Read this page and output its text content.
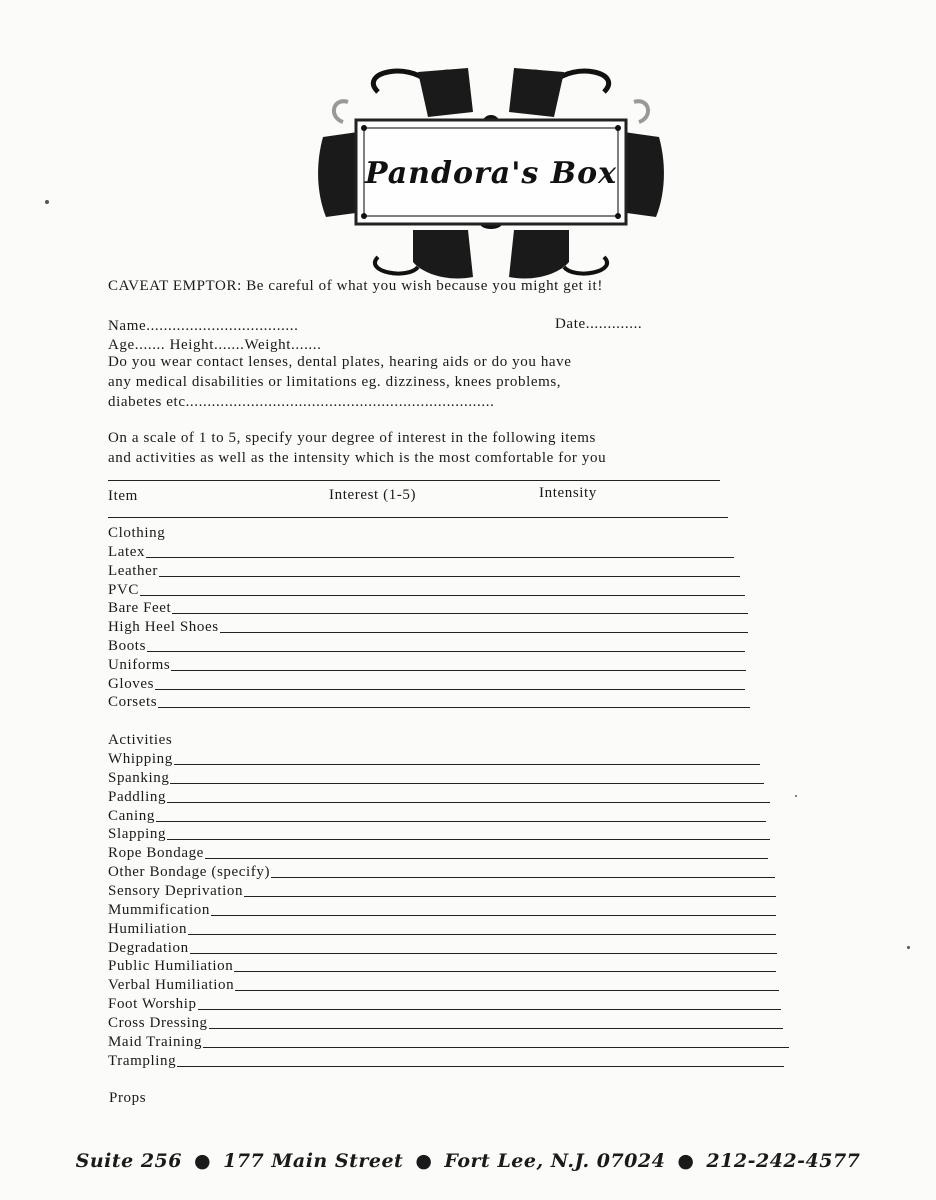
Pandora's Box
CAVEAT EMPTOR: Be careful of what you wish because you might get it!
Name...................................	Date.............
Age....... Height.......Weight.......
Do you wear contact lenses, dental plates, hearing aids or do you have
any medical disabilities or limitations eg. dizziness, knees problems,
diabetes etc.......................................................................
On a scale of 1 to 5, specify your degree of interest in the following items
and activities as well as the intensity which is the most comfortable for you
Item	Interest (1-5)	Intensity
Clothing
Latex
Leather
PVC
Bare Feet
High Heel Shoes
Boots
Uniforms
Gloves
Corsets
Activities
Whipping
Spanking
Paddling
Caning
Slapping
Rope Bondage
Other Bondage (specify)
Sensory Deprivation
Mummification
Humiliation
Degradation
Public Humiliation
Verbal Humiliation
Foot Worship
Cross Dressing
Maid Training
Trampling
Props
Suite 256 ● 177 Main Street ● Fort Lee, N.J. 07024 ● 212-242-4577
